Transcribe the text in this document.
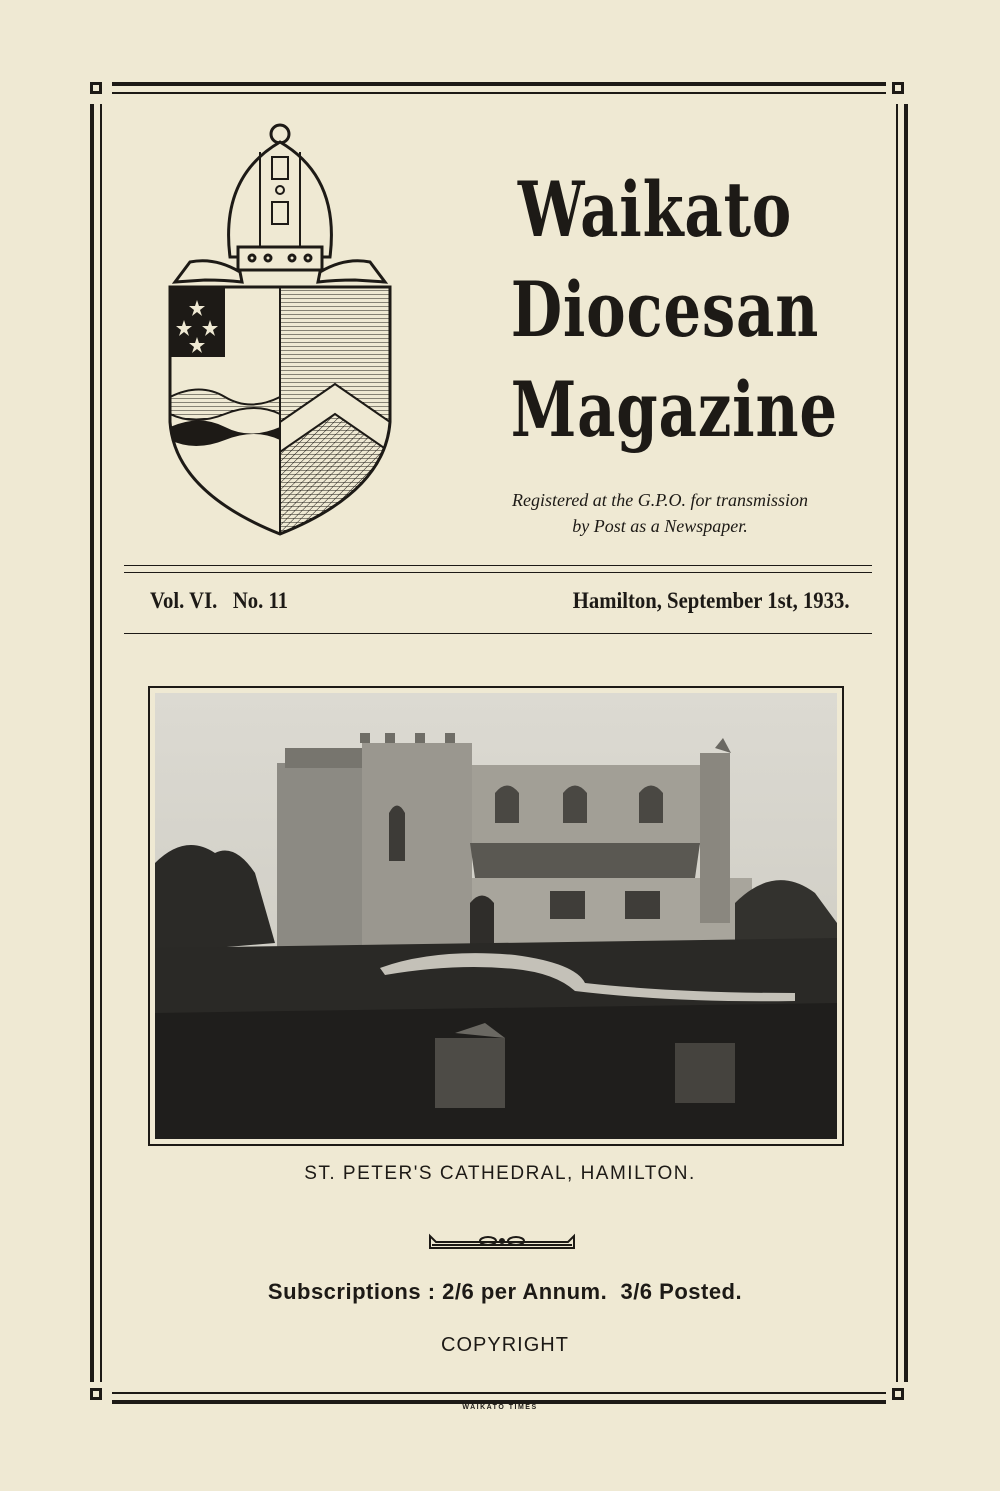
Waikato
Diocesan
Magazine
Registered at the G.P.O. for transmission
by Post as a Newspaper.
Vol. VI.   No. 11	Hamilton, September 1st, 1933.
ST. PETER'S CATHEDRAL, HAMILTON.
Subscriptions : 2/6 per Annum.  3/6 Posted.
COPYRIGHT
WAIKATO TIMES
